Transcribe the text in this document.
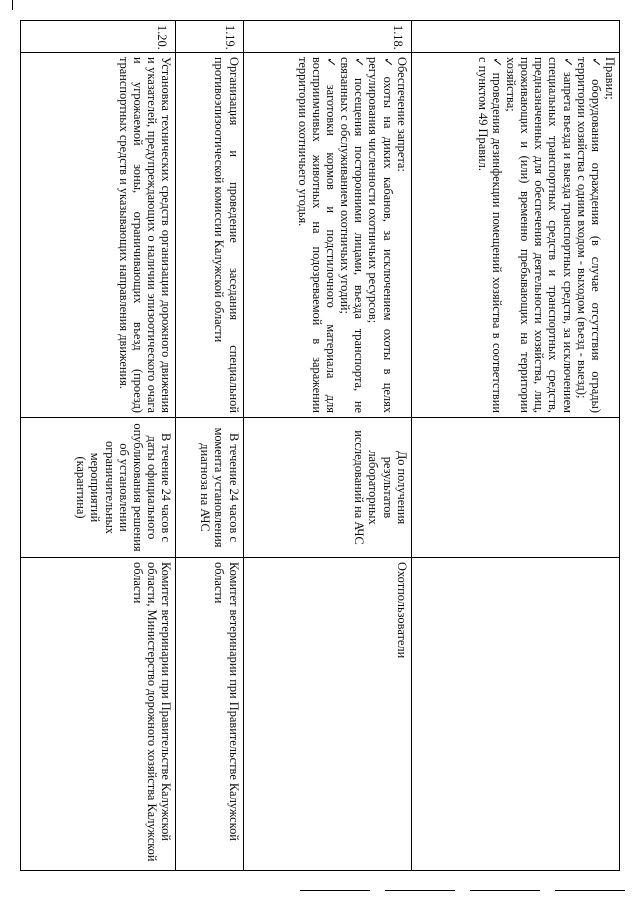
	Правил;
✓ оборудования ограждения (в случае отсутствия ограды) территории хозяйства с одним входом - выходом (въезд - выезд);
✓ запрета въезда и выезда транспортных средств, за исключением специальных транспортных средств и транспортных средств, предназначенных для обеспечения деятельности хозяйства, лиц, проживающих и (или) временно пребывающих на территории хозяйства;
✓ проведения дезинфекции помещений хозяйства в соответствии с пунктом 49 Правил.

1.18.	Обеспечение запрета:
✓ охоты на диких кабанов, за исключением охоты в целях регулирования численности охотничьих ресурсов;
✓ посещения посторонними лицами, въезда транспорта, не связанных с обслуживанием охотничьих угодий;
✓ заготовки кормов и подстилочного материала для восприимчивых животных на подозреваемой в заражении территории охотничьего угодья.	До получения результатов лабораторных исследований на АЧС	Охотпользователи
1.19.	Организация и проведение заседания специальной противоэпизоотической комиссии Калужской области	В течение 24 часов с момента установления диагноза на АЧС	Комитет ветеринарии при Правительстве Калужской области
1.20.	Установка технических средств организации дорожного движения и указателей, предупреждающих о наличии эпизоотического очага и угрожаемой зоны, ограничивающих въезд (проезд) транспортных средств и указывающих направления движения.	В течение 24 часов с даты официального опубликования решения об установлении ограничительных мероприятий (карантина)	Комитет ветеринарии при Правительстве Калужской области, Министерство дорожного хозяйства Калужской области
